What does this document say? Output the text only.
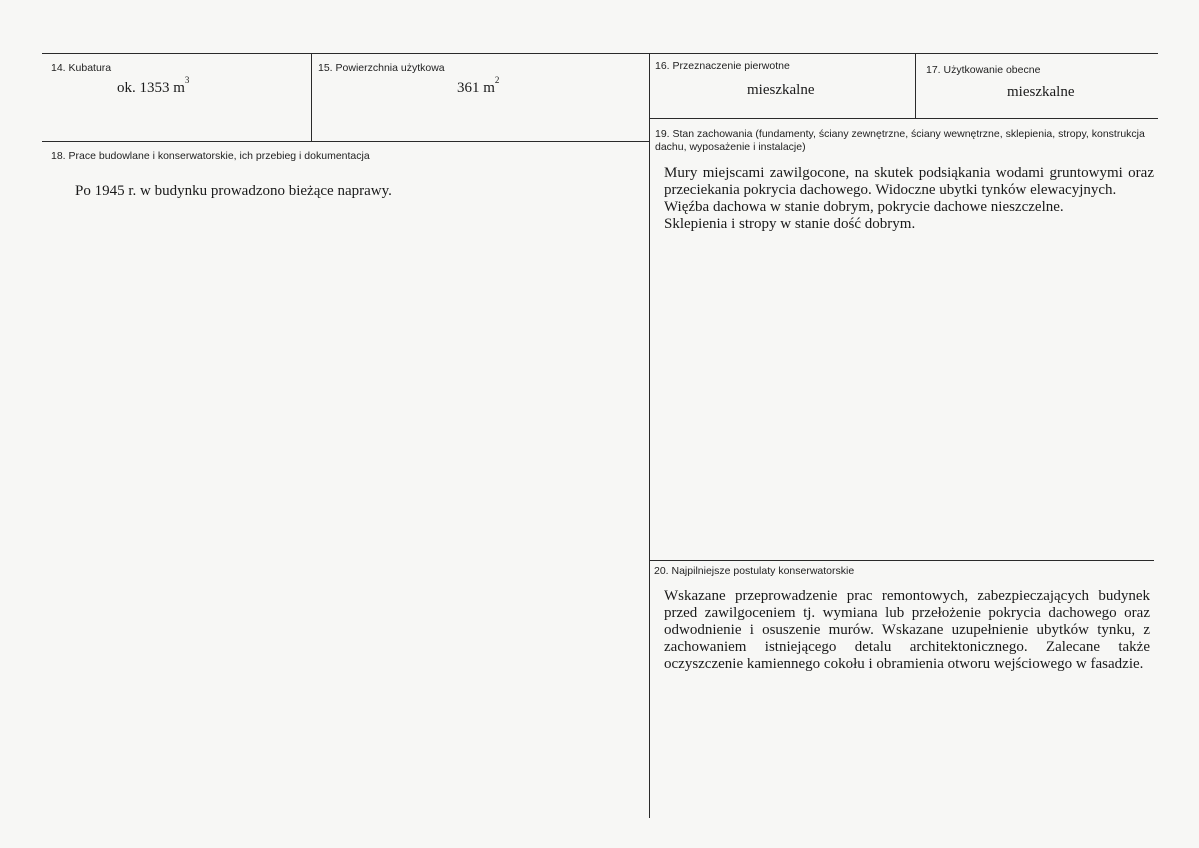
14. Kubatura
ok. 1353 $m^3$
15. Powierzchnia użytkowa
361 $m^2$
16. Przeznaczenie pierwotne
mieszkalne
17. Użytkowanie obecne
mieszkalne
18. Prace budowlane i konserwatorskie, ich przebieg i dokumentacja
Po 1945 r. w budynku prowadzono bieżące naprawy.
19. Stan zachowania (fundamenty, ściany zewnętrzne, ściany wewnętrzne, sklepienia, stropy, konstrukcja dachu, wyposażenie i instalacje)

Mury miejscami zawilgocone, na skutek podsiąkania wodami gruntowymi oraz przeciekania pokrycia dachowego. Widoczne ubytki tynków elewacyjnych.

Więźba dachowa w stanie dobrym, pokrycie dachowe nieszczelne.

Sklepienia i stropy w stanie dość dobrym.

20. Najpilniejsze postulaty konserwatorskie
Wskazane przeprowadzenie prac remontowych, zabezpieczających budynek przed zawilgoceniem tj. wymiana lub przełożenie pokrycia dachowego oraz odwodnienie i osuszenie murów. Wskazane uzupełnienie ubytków tynku, z zachowaniem istniejącego detalu architektonicznego. Zalecane także oczyszczenie kamiennego cokołu i obramienia otworu wejściowego w fasadzie.
